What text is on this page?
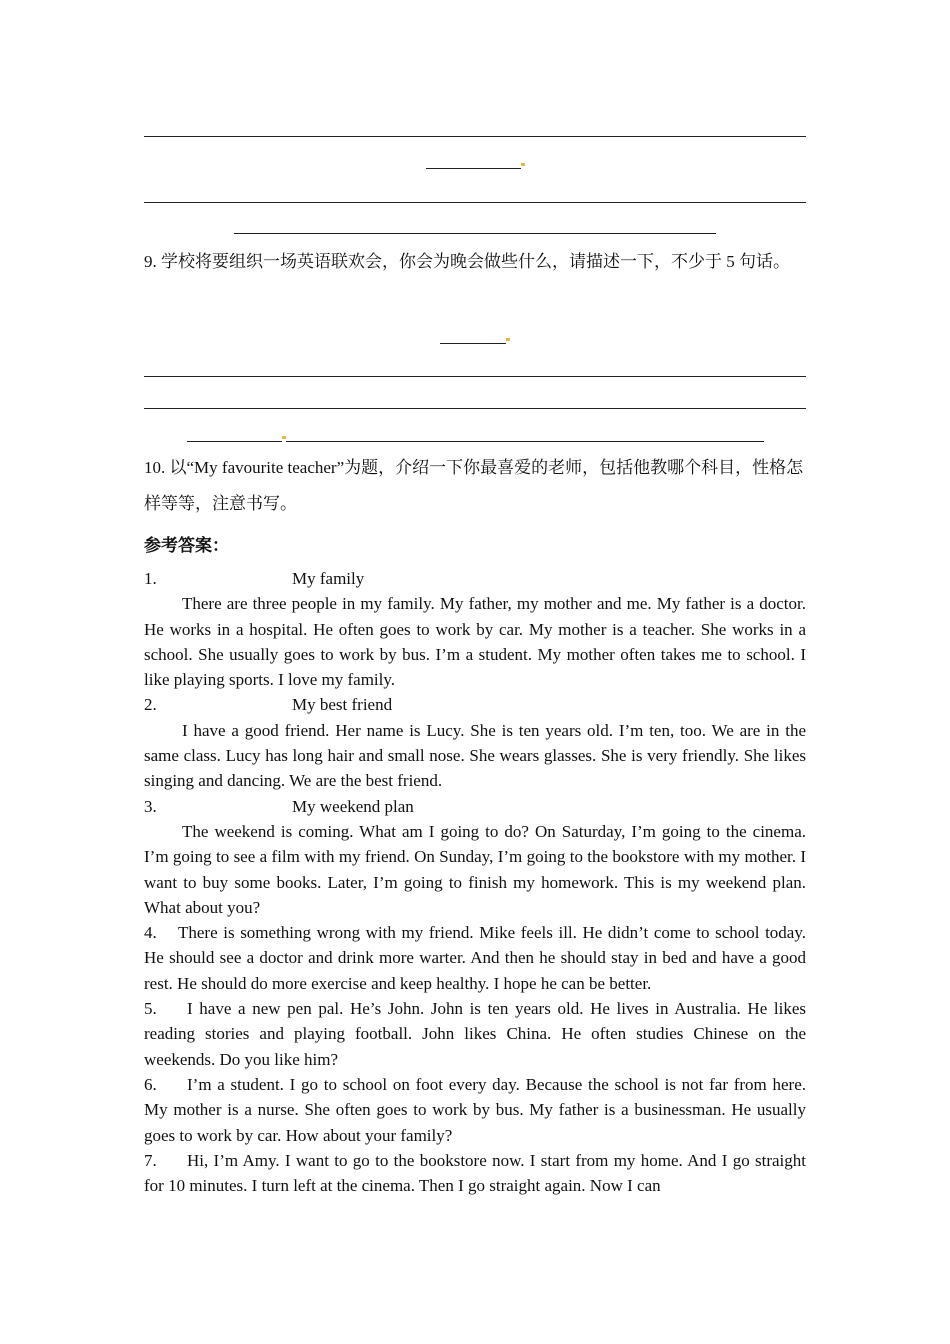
9. 学校将要组织一场英语联欢会，你会为晚会做些什么，请描述一下，不少于 5 句话。
10. 以“My favourite teacher”为题，介绍一下你最喜爱的老师，包括他教哪个科目，性格怎样等等，注意书写。
参考答案：

1.	My family

There are three people in my family. My father, my mother and me. My father is a doctor. He works in a hospital. He often goes to work by car. My mother is a teacher. She works in a school. She usually goes to work by bus. I’m a student. My mother often takes me to school. I like playing sports. I love my family.

2.	My best friend

I have a good friend. Her name is Lucy. She is ten years old. I’m ten, too. We are in the same class. Lucy has long hair and small nose. She wears glasses. She is very friendly. She likes singing and dancing. We are the best friend.

3.	My weekend plan

The weekend is coming. What am I going to do? On Saturday, I’m going to the cinema. I’m going to see a film with my friend. On Sunday, I’m going to the bookstore with my mother. I want to buy some books. Later, I’m going to finish my homework. This is my weekend plan. What about you?

4. There is something wrong with my friend. Mike feels ill. He didn’t come to school today. He should see a doctor and drink more warter. And then he should stay in bed and have a good rest. He should do more exercise and keep healthy. I hope he can be better.

5. I have a new pen pal. He’s John. John is ten years old. He lives in Australia. He likes reading stories and playing football. John likes China. He often studies Chinese on the weekends. Do you like him?

6. I’m a student. I go to school on foot every day. Because the school is not far from here. My mother is a nurse. She often goes to work by bus. My father is a businessman. He usually goes to work by car. How about your family?

7. Hi, I’m Amy. I want to go to the bookstore now. I start from my home. And I go straight for 10 minutes. I turn left at the cinema. Then I go straight again. Now I can
